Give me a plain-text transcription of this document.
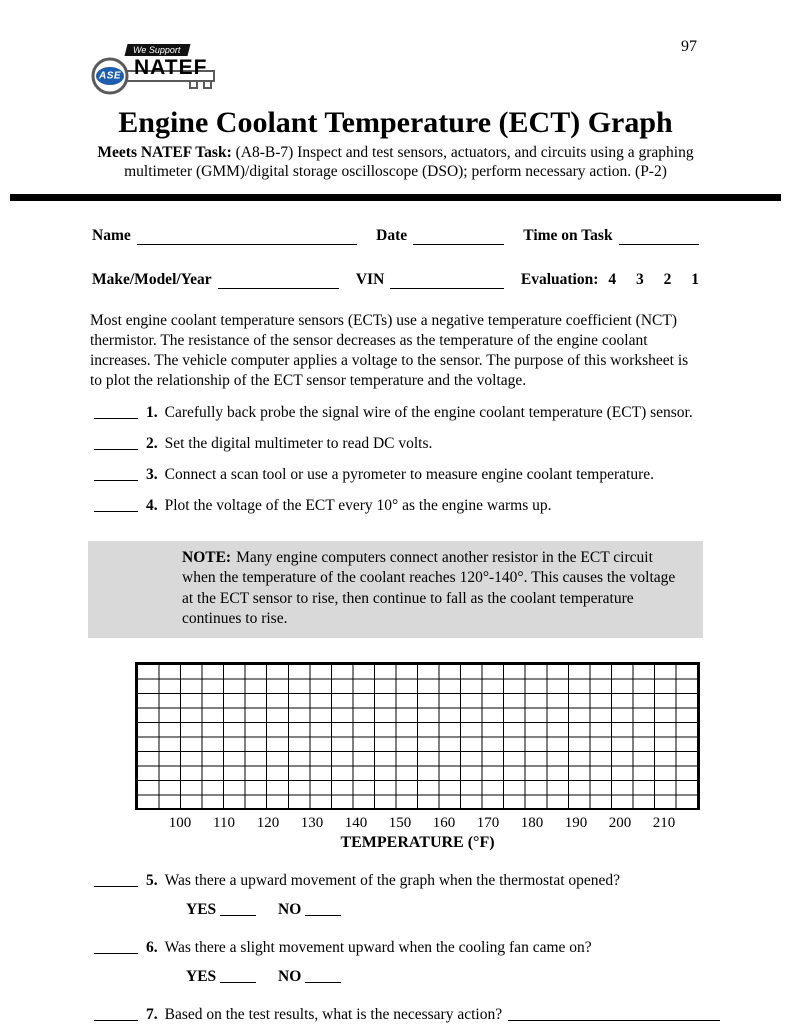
ASE
We Support
NATEF
97
Engine Coolant Temperature (ECT) Graph
Meets NATEF Task: (A8-B-7) Inspect and test sensors, actuators, and circuits using a graphing multimeter (GMM)/digital storage oscilloscope (DSO); perform necessary action. (P-2)
Name	Date	Time on Task
Make/Model/Year	VIN	Evaluation: 4 3 2 1
Most engine coolant temperature sensors (ECTs) use a negative temperature coefficient (NCT) thermistor. The resistance of the sensor decreases as the temperature of the engine coolant increases. The vehicle computer applies a voltage to the sensor. The purpose of this worksheet is to plot the relationship of the ECT sensor temperature and the voltage.
1. Carefully back probe the signal wire of the engine coolant temperature (ECT) sensor.
2. Set the digital multimeter to read DC volts.
3. Connect a scan tool or use a pyrometer to measure engine coolant temperature.
4. Plot the voltage of the ECT every 10° as the engine warms up.
NOTE: Many engine computers connect another resistor in the ECT circuit when the temperature of the coolant reaches 120°-140°. This causes the voltage at the ECT sensor to rise, then continue to fall as the coolant temperature continues to rise.
100	110	120	130	140	150	160	170	180	190	200	210
TEMPERATURE (°F)
5. Was there a upward movement of the graph when the thermostat opened?
YES	NO
6. Was there a slight movement upward when the cooling fan came on?
YES	NO
7. Based on the test results, what is the necessary action?
